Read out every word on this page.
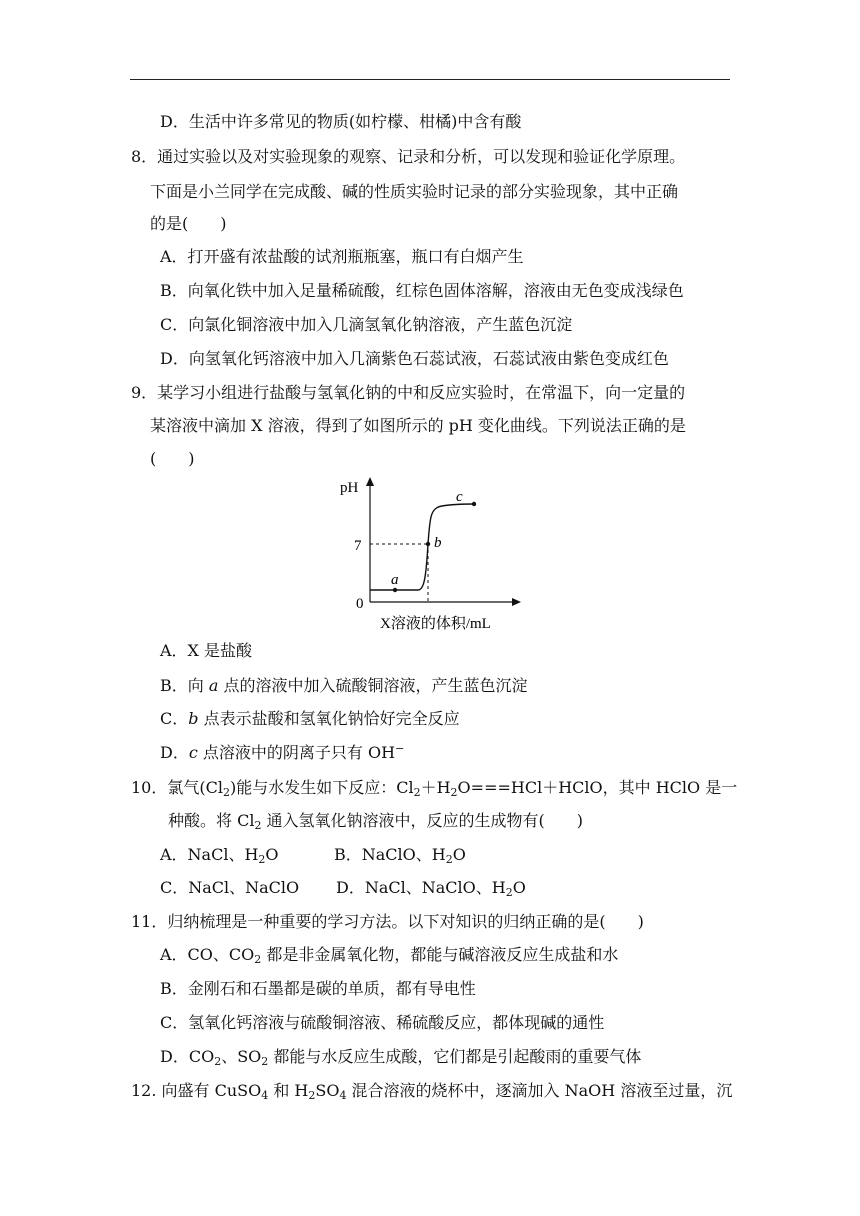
D．生活中许多常见的物质(如柠檬、柑橘)中含有酸
8．通过实验以及对实验现象的观察、记录和分析，可以发现和验证化学原理。
下面是小兰同学在完成酸、碱的性质实验时记录的部分实验现象，其中正确
的是(　　)
A．打开盛有浓盐酸的试剂瓶瓶塞，瓶口有白烟产生
B．向氧化铁中加入足量稀硫酸，红棕色固体溶解，溶液由无色变成浅绿色
C．向氯化铜溶液中加入几滴氢氧化钠溶液，产生蓝色沉淀
D．向氢氧化钙溶液中加入几滴紫色石蕊试液，石蕊试液由紫色变成红色
9．某学习小组进行盐酸与氢氧化钠的中和反应实验时，在常温下，向一定量的
某溶液中滴加 X 溶液，得到了如图所示的 pH 变化曲线。下列说法正确的是
(　　)
pH
7
0
a
b
c
X溶液的体积/mL
A．X 是盐酸
B．向 a 点的溶液中加入硫酸铜溶液，产生蓝色沉淀
C．b 点表示盐酸和氢氧化钠恰好完全反应
D．c 点溶液中的阴离子只有 OH−
10．氯气$(Cl_2)$能与水发生如下反应：$Cl_2+H_2O===HCl+HClO$，其中 HClO 是一
种酸。将 $Cl_2$ 通入氢氧化钠溶液中，反应的生成物有(　　)
A．NaCl、$H_2O$	B．NaClO、$H_2O$
C．NaCl、NaClO D．NaCl、NaClO、$H_2O$
11．归纳梳理是一种重要的学习方法。以下对知识的归纳正确的是(　　)
A．CO、$CO_2$ 都是非金属氧化物，都能与碱溶液反应生成盐和水
B．金刚石和石墨都是碳的单质，都有导电性
C．氢氧化钙溶液与硫酸铜溶液、稀硫酸反应，都体现碱的通性
D．$CO_2$、$SO_2$ 都能与水反应生成酸，它们都是引起酸雨的重要气体
12. 向盛有 CuSO$_4$ 和 $H_2SO_4$ 混合溶液的烧杯中，逐滴加入 NaOH 溶液至过量，沉
